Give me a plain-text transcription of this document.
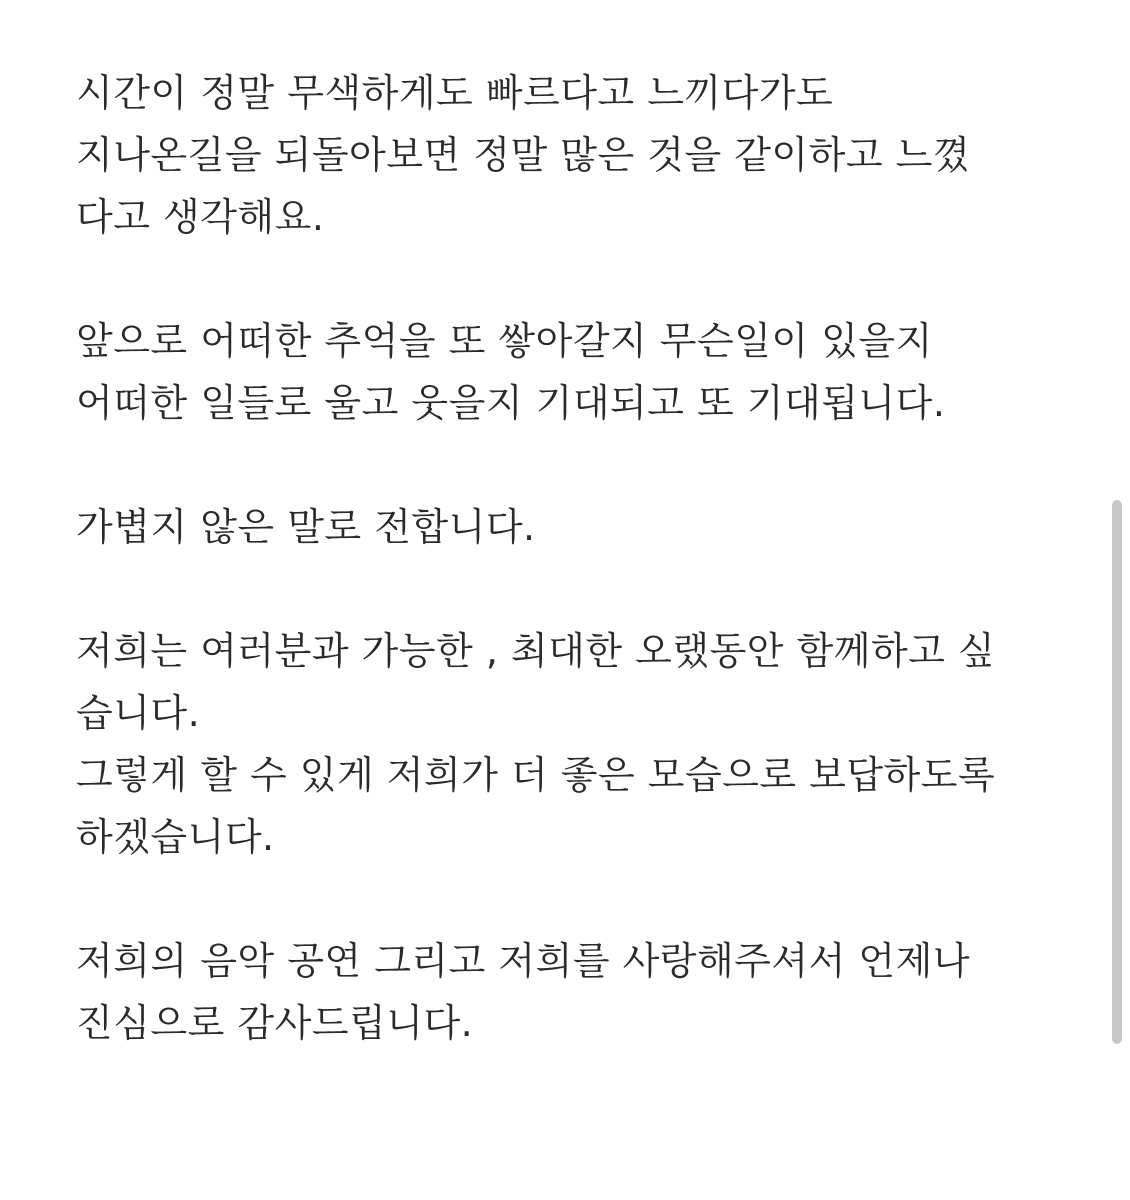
시간이 정말 무색하게도 빠르다고 느끼다가도
지나온길을 되돌아보면 정말 많은 것을 같이하고 느꼈
다고 생각해요.
앞으로 어떠한 추억을 또 쌓아갈지 무슨일이 있을지
어떠한 일들로 울고 웃을지 기대되고 또 기대됩니다.
가볍지 않은 말로 전합니다.
저희는 여러분과 가능한 , 최대한 오랬동안 함께하고 싶
습니다.
그렇게 할 수 있게 저희가 더 좋은 모습으로 보답하도록
하겠습니다.
저희의 음악 공연 그리고 저희를 사랑해주셔서 언제나
진심으로 감사드립니다.
